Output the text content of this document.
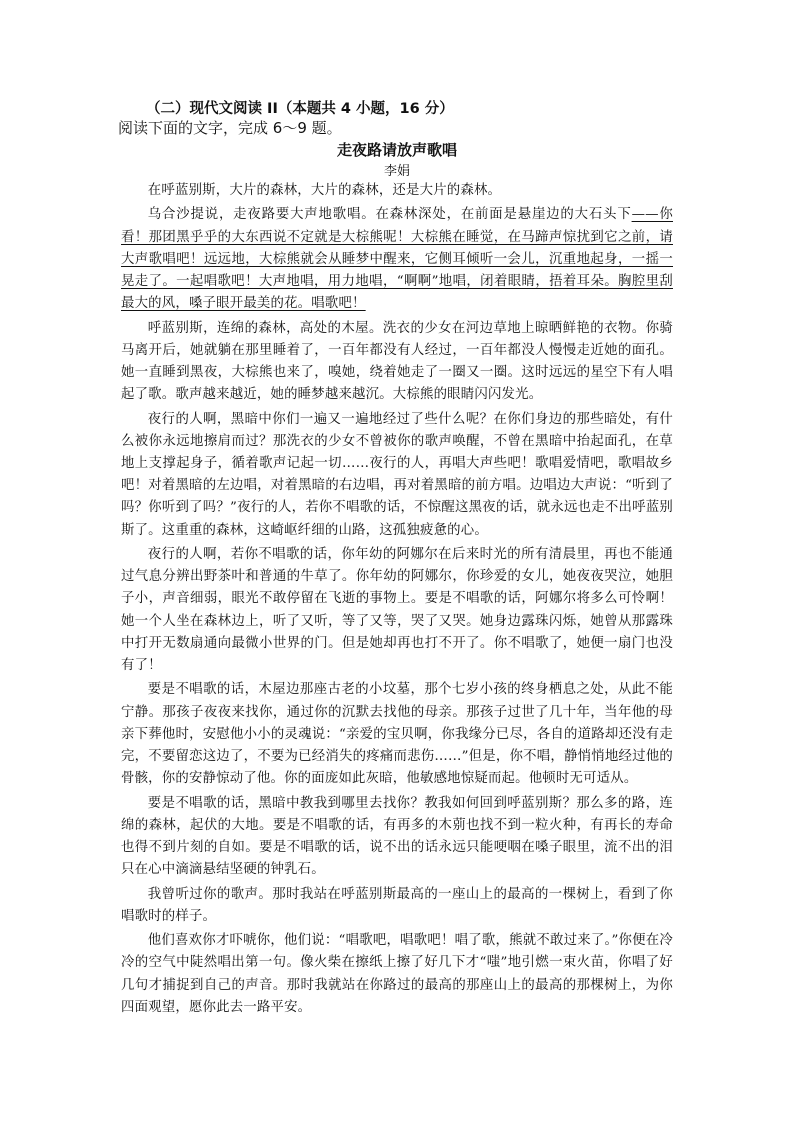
（二）现代文阅读 II（本题共 4 小题，16 分）
阅读下面的文字，完成 6～9 题。
走夜路请放声歌唱
李娟

在呼蓝别斯，大片的森林，大片的森林，还是大片的森林。

乌合沙提说，走夜路要大声地歌唱。在森林深处，在前面是悬崖边的大石头下——你看！那团黑乎乎的大东西说不定就是大棕熊呢！大棕熊在睡觉，在马蹄声惊扰到它之前，请大声歌唱吧！远远地，大棕熊就会从睡梦中醒来，它侧耳倾听一会儿，沉重地起身，一摇一晃走了。一起唱歌吧！大声地唱，用力地唱，“啊啊”地唱，闭着眼睛，捂着耳朵。胸腔里刮最大的风，嗓子眼开最美的花。唱歌吧！

呼蓝别斯，连绵的森林，高处的木屋。洗衣的少女在河边草地上晾晒鲜艳的衣物。你骑马离开后，她就躺在那里睡着了，一百年都没有人经过，一百年都没人慢慢走近她的面孔。她一直睡到黑夜，大棕熊也来了，嗅她，绕着她走了一圈又一圈。这时远远的星空下有人唱起了歌。歌声越来越近，她的睡梦越来越沉。大棕熊的眼睛闪闪发光。

夜行的人啊，黑暗中你们一遍又一遍地经过了些什么呢？在你们身边的那些暗处，有什么被你永远地擦肩而过？那洗衣的少女不曾被你的歌声唤醒，不曾在黑暗中抬起面孔，在草地上支撑起身子，循着歌声记起一切……夜行的人，再唱大声些吧！歌唱爱情吧，歌唱故乡吧！对着黑暗的左边唱，对着黑暗的右边唱，再对着黑暗的前方唱。边唱边大声说：“听到了吗？你听到了吗？”夜行的人，若你不唱歌的话，不惊醒这黑夜的话，就永远也走不出呼蓝别斯了。这重重的森林，这崎岖纤细的山路，这孤独疲惫的心。

夜行的人啊，若你不唱歌的话，你年幼的阿娜尔在后来时光的所有清晨里，再也不能通过气息分辨出野茶叶和普通的牛草了。你年幼的阿娜尔，你珍爱的女儿，她夜夜哭泣，她胆子小，声音细弱，眼光不敢停留在飞逝的事物上。要是不唱歌的话，阿娜尔将多么可怜啊！她一个人坐在森林边上，听了又听，等了又等，哭了又哭。她身边露珠闪烁，她曾从那露珠中打开无数扇通向最微小世界的门。但是她却再也打不开了。你不唱歌了，她便一扇门也没有了！

要是不唱歌的话，木屋边那座古老的小坟墓，那个七岁小孩的终身栖息之处，从此不能宁静。那孩子夜夜来找你，通过你的沉默去找他的母亲。那孩子过世了几十年，当年他的母亲下葬他时，安慰他小小的灵魂说：“亲爱的宝贝啊，你我缘分已尽，各自的道路却还没有走完，不要留恋这边了，不要为已经消失的疼痛而悲伤……”但是，你不唱，静悄悄地经过他的骨骸，你的安静惊动了他。你的面庞如此灰暗，他敏感地惊疑而起。他顿时无可适从。

要是不唱歌的话，黑暗中教我到哪里去找你？教我如何回到呼蓝别斯？那么多的路，连绵的森林，起伏的大地。要是不唱歌的话，有再多的木莂也找不到一粒火种，有再长的寿命也得不到片刻的自如。要是不唱歌的话，说不出的话永远只能哽咽在嗓子眼里，流不出的泪只在心中滴滴悬结坚硬的钟乳石。

我曾听过你的歌声。那时我站在呼蓝别斯最高的一座山上的最高的一棵树上，看到了你唱歌时的样子。

他们喜欢你才吓唬你，他们说：“唱歌吧，唱歌吧！唱了歌，熊就不敢过来了。”你便在冷冷的空气中陡然唱出第一句。像火柴在擦纸上擦了好几下才“嗤”地引燃一束火苗，你唱了好几句才捕捉到自己的声音。那时我就站在你路过的最高的那座山上的最高的那棵树上，为你四面观望，愿你此去一路平安。
